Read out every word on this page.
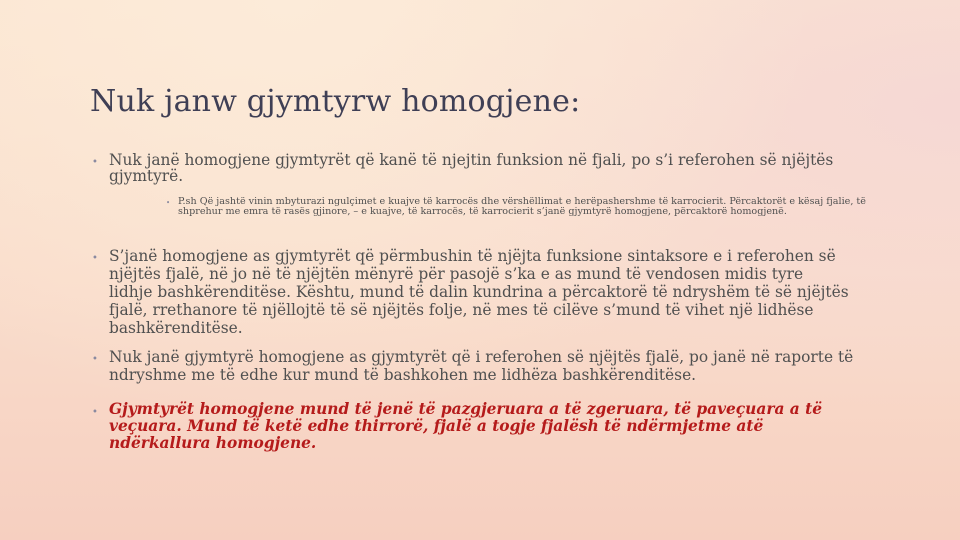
Nuk janw gjymtyrw homogjene:
• Nuk janë homogjene gjymtyrët që kanë të njejtin funksion në fjali, po s’i referohen së njëjtës gjymtyrë.
• P.sh Që jashtë vinin mbyturazi ngulçimet e kuajve të karrocës dhe vërshëllimat e herëpashershme të karrocierit. Përcaktorët e kësaj fjalie, të shprehur me emra të rasës gjinore, – e kuajve, të karrocës, të karrocierit s’janë gjymtyrë homogjene, përcaktorë homogjenë.
• S’janë homogjene as gjymtyrët që përmbushin të njëjta funksione sintaksore e i referohen së njëjtës fjalë, në jo në të njëjtën mënyrë për pasojë s’ka e as mund të vendosen midis tyre lidhje bashkërenditëse. Kështu, mund të dalin kundrina a përcaktorë të ndryshëm të së njëjtës fjalë, rrethanore të njëllojtë të së njëjtës folje, në mes të cilëve s’mund të vihet një lidhëse bashkërenditëse.
• Nuk janë gjymtyrë homogjene as gjymtyrët që i referohen së njëjtës fjalë, po janë në raporte të ndryshme me të edhe kur mund të bashkohen me lidhëza bashkërenditëse.
• Gjymtyrët homogjene mund të jenë të pazgjeruara a të zgeruara, të paveçuara a të veçuara. Mund të ketë edhe thirrorë, fjalë a togje fjalësh të ndërmjetme atë ndërkallura homogjene.
